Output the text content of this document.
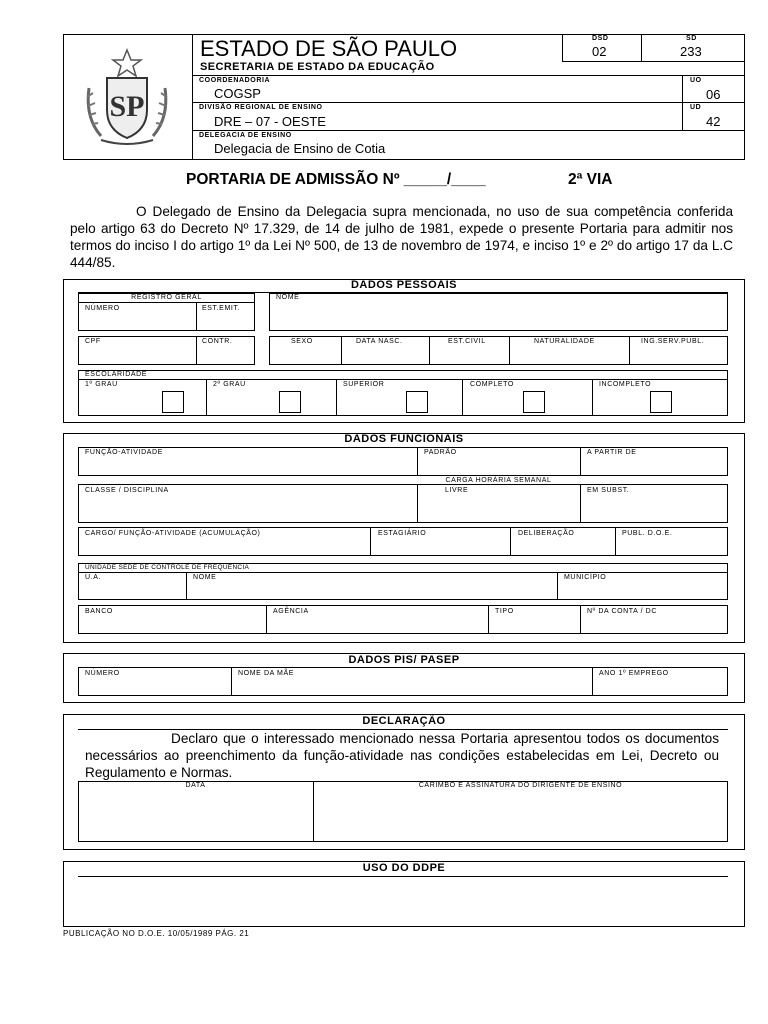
SP
ESTADO DE SÃO PAULO
SECRETARIA DE ESTADO DA EDUCAÇÃO
DSD
02
SD
233
COORDENADORIA
COGSP
UO
06
DIVISÃO REGIONAL DE ENSINO
DRE – 07 - OESTE
UD
42
DELEGACIA DE ENSINO
Delegacia de Ensino de Cotia
PORTARIA DE ADMISSÃO Nº _____/____	2ª VIA
O Delegado de Ensino da Delegacia supra mencionada, no uso de sua competência conferida pelo artigo 63 do Decreto Nº 17.329, de 14 de julho de 1981, expede o presente Portaria para admitir nos termos do inciso I do artigo 1º da Lei Nº 500, de 13 de novembro de 1974, e inciso 1º e 2º do artigo 17 da L.C 444/85.
DADOS PESSOAIS
REGISTRO GERAL
NÚMERO	EST.EMIT.
NOME
CPF	CONTR.	SEXO	DATA NASC.	EST.CIVIL	NATURALIDADE	ING.SERV.PUBL.
ESCOLARIDADE
1º GRAU	2º GRAU	SUPERIOR	COMPLETO	INCOMPLETO
DADOS FUNCIONAIS
FUNÇÃO-ATIVIDADE	PADRÃO	A PARTIR DE
CARGA HORÁRIA SEMANAL
CLASSE / DISCIPLINA	LIVRE	EM SUBST.
CARGO/ FUNÇÃO-ATIVIDADE (ACUMULAÇÃO)	ESTAGIÁRIO	DELIBERAÇÃO	PUBL. D.O.E.
UNIDADE SEDE DE CONTROLE DE FREQUÊNCIA
U.A.	NOME	MUNICÍPIO
BANCO	AGÊNCIA	TIPO	Nº DA CONTA / DC
DADOS PIS/ PASEP
NÚMERO	NOME DA MÃE	ANO 1º EMPREGO
DECLARAÇÃO
Declaro que o interessado mencionado nessa Portaria apresentou todos os documentos necessários ao preenchimento da função-atividade nas condições estabelecidas em Lei, Decreto ou Regulamento e Normas.
DATA	CARIMBO E ASSINATURA DO DIRIGENTE DE ENSINO
USO DO DDPE
PUBLICAÇÃO NO D.O.E. 10/05/1989 PÁG. 21
